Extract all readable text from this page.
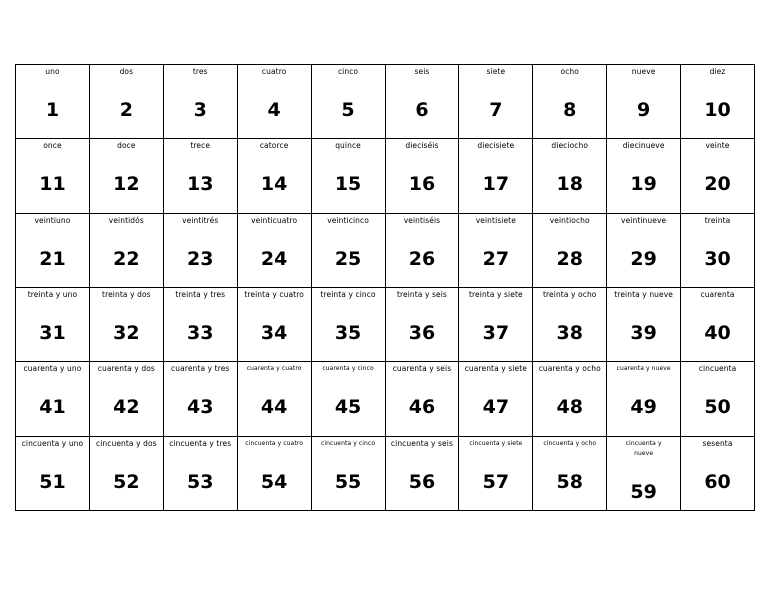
uno
1
dos
2
tres
3
cuatro
4
cinco
5
seis
6
siete
7
ocho
8
nueve
9
diez
10
once
11
doce
12
trece
13
catorce
14
quince
15
dieciséis
16
diecisiete
17
dieciocho
18
diecinueve
19
veinte
20
veintiuno
21
veintidós
22
veintitrés
23
veinticuatro
24
veinticinco
25
veintiséis
26
veintisiete
27
veintiocho
28
veintinueve
29
treinta
30
treinta y uno
31
treinta y dos
32
treinta y tres
33
treinta y cuatro
34
treinta y cinco
35
treinta y seis
36
treinta y siete
37
treinta y ocho
38
treinta y nueve
39
cuarenta
40
cuarenta y uno
41
cuarenta y dos
42
cuarenta y tres
43
cuarenta y cuatro
44
cuarenta y cinco
45
cuarenta y seis
46
cuarenta y siete
47
cuarenta y ocho
48
cuarenta y nueve
49
cincuenta
50
cincuenta y uno
51
cincuenta y dos
52
cincuenta y tres
53
cincuenta y cuatro
54
cincuenta y cinco
55
cincuenta y seis
56
cincuenta y siete
57
cincuenta y ocho
58
cincuenta y nueve
59
sesenta
60
